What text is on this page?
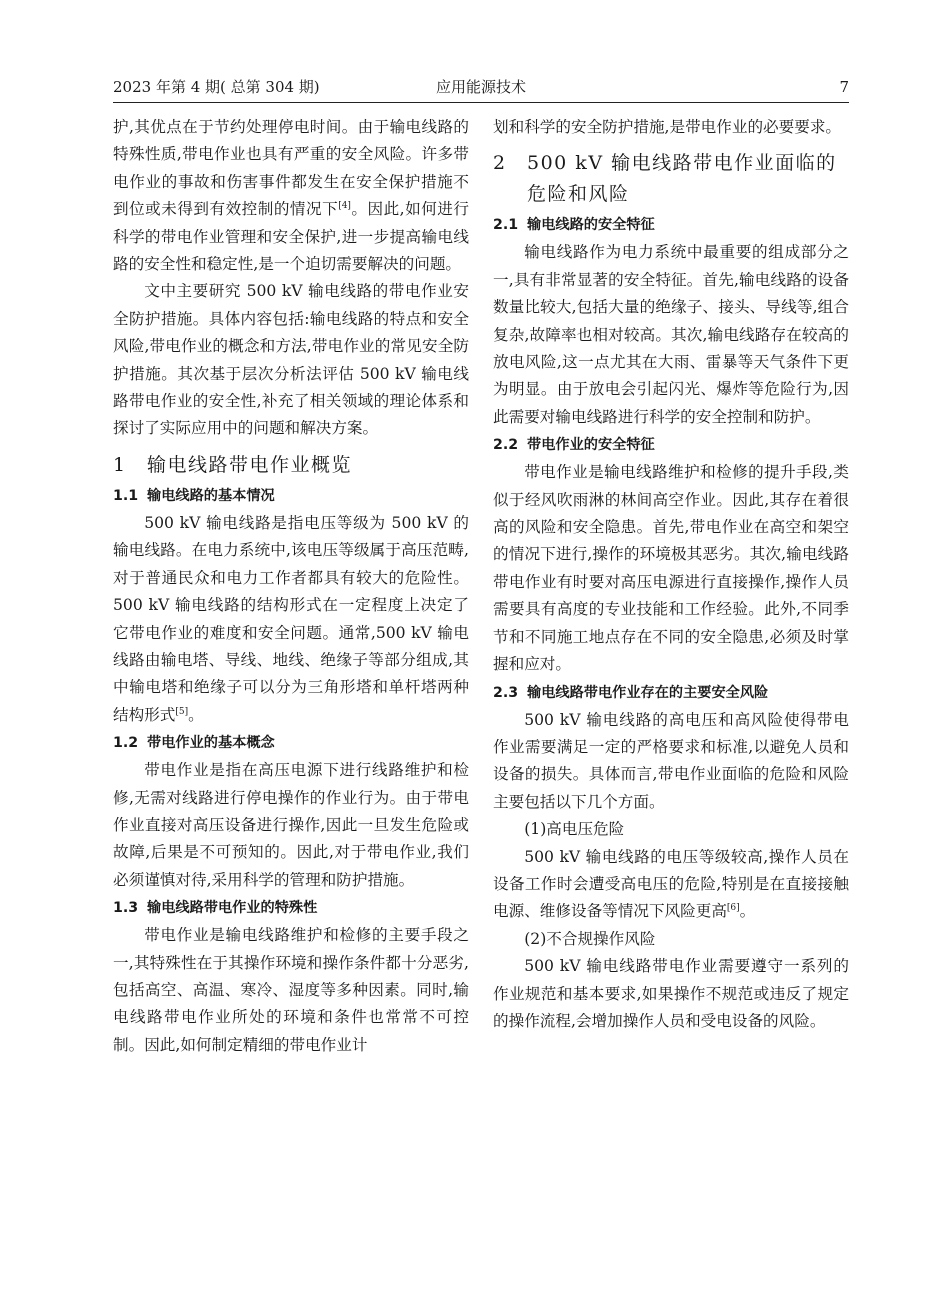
2023 年第 4 期( 总第 304 期)	应用能源技术	7

护,其优点在于节约处理停电时间。由于输电线路的特殊性质,带电作业也具有严重的安全风险。许多带电作业的事故和伤害事件都发生在安全保护措施不到位或未得到有效控制的情况下[4]。因此,如何进行科学的带电作业管理和安全保护,进一步提高输电线路的安全性和稳定性,是一个迫切需要解决的问题。

文中主要研究 500 kV 输电线路的带电作业安全防护措施。具体内容包括:输电线路的特点和安全风险,带电作业的概念和方法,带电作业的常见安全防护措施。其次基于层次分析法评估 500 kV 输电线路带电作业的安全性,补充了相关领域的理论体系和探讨了实际应用中的问题和解决方案。

1	输电线路带电作业概览
1.1 输电线路的基本情况

500 kV 输电线路是指电压等级为 500 kV 的输电线路。在电力系统中,该电压等级属于高压范畴,对于普通民众和电力工作者都具有较大的危险性。500 kV 输电线路的结构形式在一定程度上决定了它带电作业的难度和安全问题。通常,500 kV 输电线路由输电塔、导线、地线、绝缘子等部分组成,其中输电塔和绝缘子可以分为三角形塔和单杆塔两种结构形式[5]。

1.2 带电作业的基本概念

带电作业是指在高压电源下进行线路维护和检修,无需对线路进行停电操作的作业行为。由于带电作业直接对高压设备进行操作,因此一旦发生危险或故障,后果是不可预知的。因此,对于带电作业,我们必须谨慎对待,采用科学的管理和防护措施。

1.3 输电线路带电作业的特殊性

带电作业是输电线路维护和检修的主要手段之一,其特殊性在于其操作环境和操作条件都十分恶劣,包括高空、高温、寒冷、湿度等多种因素。同时,输电线路带电作业所处的环境和条件也常常不可控制。因此,如何制定精细的带电作业计

划和科学的安全防护措施,是带电作业的必要要求。

2	500 kV 输电线路带电作业面临的危险和风险
2.1 输电线路的安全特征

输电线路作为电力系统中最重要的组成部分之一,具有非常显著的安全特征。首先,输电线路的设备数量比较大,包括大量的绝缘子、接头、导线等,组合复杂,故障率也相对较高。其次,输电线路存在较高的放电风险,这一点尤其在大雨、雷暴等天气条件下更为明显。由于放电会引起闪光、爆炸等危险行为,因此需要对输电线路进行科学的安全控制和防护。

2.2 带电作业的安全特征

带电作业是输电线路维护和检修的提升手段,类似于经风吹雨淋的林间高空作业。因此,其存在着很高的风险和安全隐患。首先,带电作业在高空和架空的情况下进行,操作的环境极其恶劣。其次,输电线路带电作业有时要对高压电源进行直接操作,操作人员需要具有高度的专业技能和工作经验。此外,不同季节和不同施工地点存在不同的安全隐患,必须及时掌握和应对。

2.3 输电线路带电作业存在的主要安全风险

500 kV 输电线路的高电压和高风险使得带电作业需要满足一定的严格要求和标准,以避免人员和设备的损失。具体而言,带电作业面临的危险和风险主要包括以下几个方面。

(1)高电压危险

500 kV 输电线路的电压等级较高,操作人员在设备工作时会遭受高电压的危险,特别是在直接接触电源、维修设备等情况下风险更高[6]。

(2)不合规操作风险

500 kV 输电线路带电作业需要遵守一系列的作业规范和基本要求,如果操作不规范或违反了规定的操作流程,会增加操作人员和受电设备的风险。
